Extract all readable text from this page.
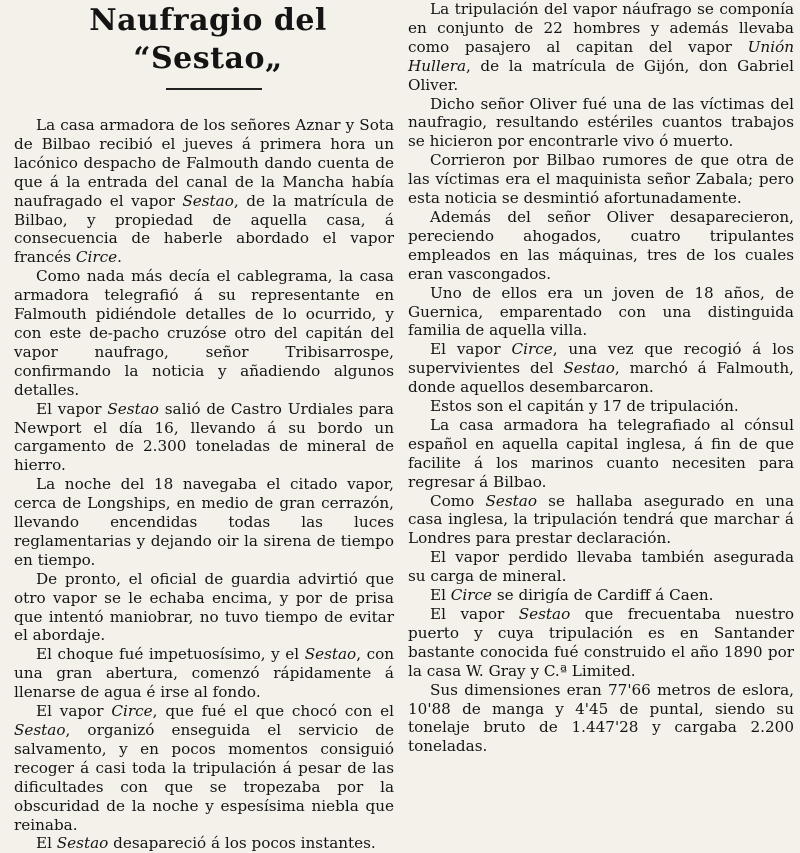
Naufragio del “Sestao„

La casa armadora de los señores Aznar y Sota de Bilbao recibió el jueves á primera hora un lacónico despacho de Falmouth dando cuenta de que á la entrada del canal de la Mancha había naufragado el vapor Sestao, de la matrícula de Bilbao, y propiedad de aquella casa, á consecuencia de haberle abordado el vapor francés Circe.

Como nada más decía el cablegrama, la casa armadora telegrafió á su representante en Falmouth pidiéndole detalles de lo ocurrido, y con este de-pacho cruzóse otro del capitán del vapor naufrago, señor Tribisarrospe, confirmando la noticia y añadiendo algunos detalles.

El vapor Sestao salió de Castro Urdiales para Newport el día 16, llevando á su bordo un cargamento de 2.300 toneladas de mineral de hierro.

La noche del 18 navegaba el citado vapor, cerca de Longships, en medio de gran cerrazón, llevando encendidas todas las luces reglamentarias y dejando oir la sirena de tiempo en tiempo.

De pronto, el oficial de guardia advirtió que otro vapor se le echaba encima, y por de prisa que intentó maniobrar, no tuvo tiempo de evitar el abordaje.

El choque fué impetuosísimo, y el Sestao, con una gran abertura, comenzó rápidamente á llenarse de agua é irse al fondo.

El vapor Circe, que fué el que chocó con el Sestao, organizó enseguida el servicio de salvamento, y en pocos momentos consiguió recoger á casi toda la tripulación á pesar de las dificultades con que se tropezaba por la obscuridad de la noche y espesísima niebla que reinaba.

El Sestao desapareció á los pocos instantes.

La tripulación del vapor náufrago se componía en conjunto de 22 hombres y además llevaba como pasajero al capitan del vapor Unión Hullera, de la matrícula de Gijón, don Gabriel Oliver.

Dicho señor Oliver fué una de las víctimas del naufragio, resultando estériles cuantos trabajos se hicieron por encontrarle vivo ó muerto.

Corrieron por Bilbao rumores de que otra de las víctimas era el maquinista señor Zabala; pero esta noticia se desmintió afortunadamente.

Además del señor Oliver desaparecieron, pereciendo ahogados, cuatro tripulantes empleados en las máquinas, tres de los cuales eran vascongados.

Uno de ellos era un joven de 18 años, de Guernica, emparentado con una distinguida familia de aquella villa.

El vapor Circe, una vez que recogió á los supervivientes del Sestao, marchó á Falmouth, donde aquellos desembarcaron.

Estos son el capitán y 17 de tripulación.

La casa armadora ha telegrafiado al cónsul español en aquella capital inglesa, á fin de que facilite á los marinos cuanto necesiten para regresar á Bilbao.

Como Sestao se hallaba asegurado en una casa inglesa, la tripulación tendrá que marchar á Londres para prestar declaración.

El vapor perdido llevaba también asegurada su carga de mineral.

El Circe se dirigía de Cardiff á Caen.

El vapor Sestao que frecuentaba nuestro puerto y cuya tripulación es en Santander bastante conocida fué construido el año 1890 por la casa W. Gray y C.ª Limited.

Sus dimensiones eran 77'66 metros de eslora, 10'88 de manga y 4'45 de puntal, siendo su tonelaje bruto de 1.447'28 y cargaba 2.200 toneladas.
